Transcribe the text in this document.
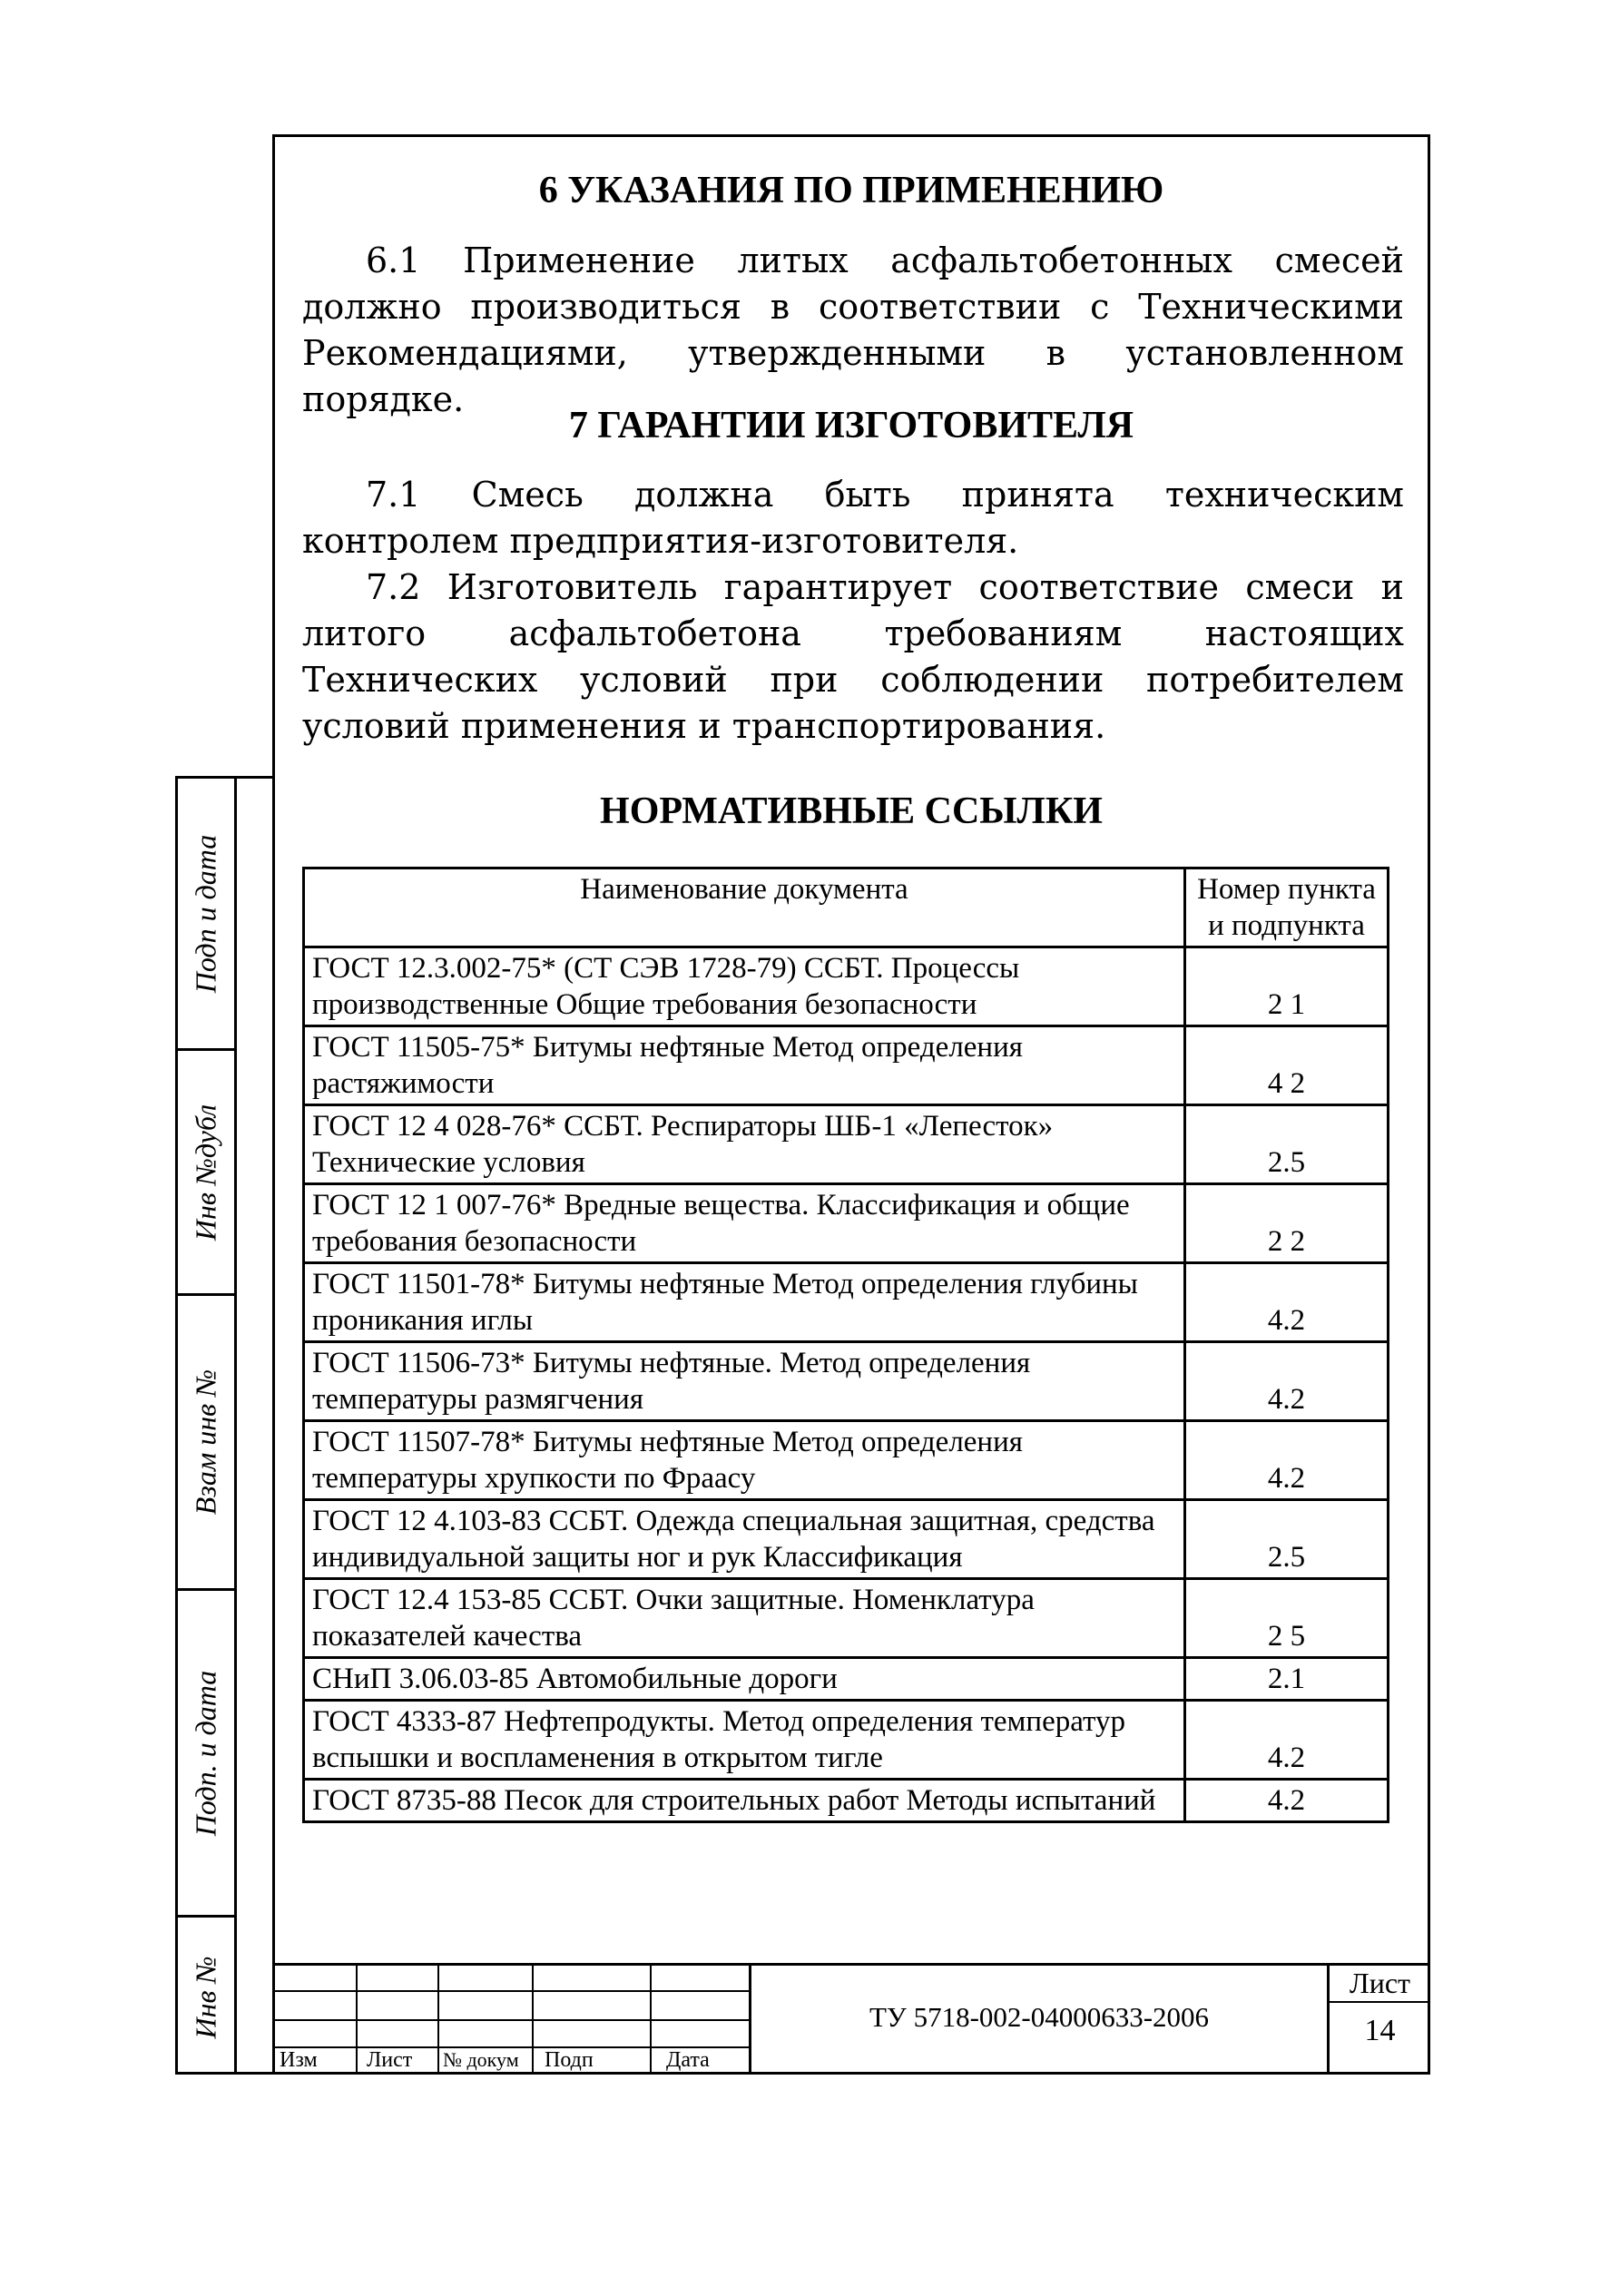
Подп и дата
Инв №дубл
Взам инв №
Подп. и дата
Инв №
6 УКАЗАНИЯ ПО ПРИМЕНЕНИЮ
6.1 Применение литых асфальтобетонных смесей должно производиться в соответствии с Техническими Рекомендациями, утвержденными в установленном порядке.
7 ГАРАНТИИ ИЗГОТОВИТЕЛЯ
7.1 Смесь должна быть принята техническим контролем предприятия-изготовителя.
7.2 Изготовитель гарантирует соответствие смеси и литого асфальтобетона требованиям настоящих Технических условий при соблюдении потребителем условий применения и транспортирования.
НОРМАТИВНЫЕ ССЫЛКИ
Наименование документа	Номер пункта и подпункта
ГОСТ 12.3.002-75* (СТ СЭВ 1728-79) ССБТ. Процессы производственные Общие требования безопасности	2 1
ГОСТ 11505-75* Битумы нефтяные Метод определения растяжимости	4 2
ГОСТ 12 4 028-76* ССБТ. Респираторы ШБ-1 «Лепесток» Технические условия	2.5
ГОСТ 12 1 007-76* Вредные вещества. Классификация и общие требования безопасности	2 2
ГОСТ 11501-78* Битумы нефтяные Метод определения глубины проникания иглы	4.2
ГОСТ 11506-73* Битумы нефтяные. Метод определения температуры размягчения	4.2
ГОСТ 11507-78* Битумы нефтяные Метод определения температуры хрупкости по Фраасу	4.2
ГОСТ 12 4.103-83 ССБТ. Одежда специальная защитная, средства индивидуальной защиты ног и рук Классификация	2.5
ГОСТ 12.4 153-85 ССБТ. Очки защитные. Номенклатура показателей качества	2 5
СНиП 3.06.03-85 Автомобильные дороги	2.1
ГОСТ 4333-87 Нефтепродукты. Метод определения температур вспышки и воспламенения в открытом тигле	4.2
ГОСТ 8735-88 Песок для строительных работ Методы испытаний	4.2
Изм Лист № докум Подп	Дата
ТУ 5718-002-04000633-2006
Лист
14
